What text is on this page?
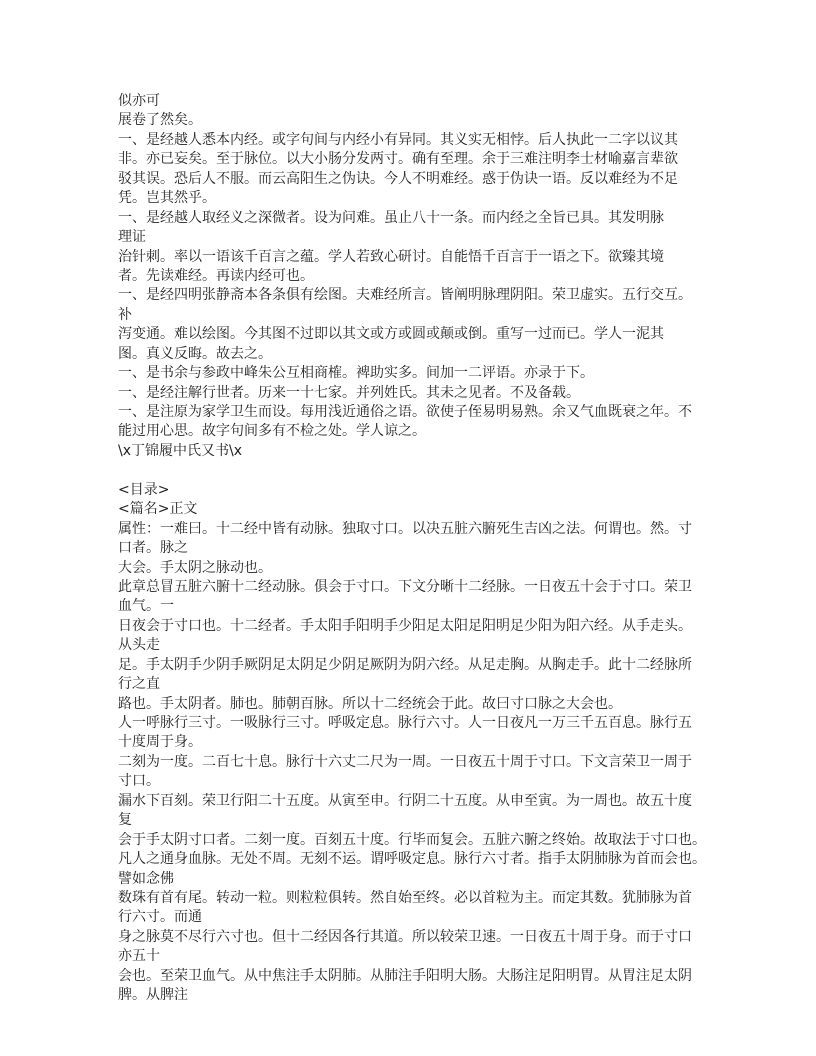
似亦可
展卷了然矣。
一、是经越人悉本内经。或字句间与内经小有异同。其义实无相悖。后人执此一二字以议其
非。亦已妄矣。至于脉位。以大小肠分发两寸。确有至理。余于三难注明李士材喻嘉言辈欲
驳其误。恐后人不服。而云高阳生之伪诀。今人不明难经。惑于伪诀一语。反以难经为不足
凭。岂其然乎。
一、是经越人取经义之深微者。设为问难。虽止八十一条。而内经之全旨已具。其发明脉
理证
治针刺。率以一语该千百言之蕴。学人若致心研讨。自能悟千百言于一语之下。欲臻其境
者。先读难经。再读内经可也。
一、是经四明张静斋本各条俱有绘图。夫难经所言。皆阐明脉理阴阳。荣卫虚实。五行交互。
补
泻变通。难以绘图。今其图不过即以其文或方或圆或颠或倒。重写一过而已。学人一泥其
图。真义反晦。故去之。
一、是书余与参政中峰朱公互相商榷。裨助实多。间加一二评语。亦录于下。
一、是经注解行世者。历来一十七家。并列姓氏。其未之见者。不及备载。
一、是注原为家学卫生而设。每用浅近通俗之语。欲使子侄易明易熟。余又气血既衰之年。不
能过用心思。故字句间多有不检之处。学人谅之。
\x丁锦履中氏又书\x
<目录>
<篇名>正文
属性：一难曰。十二经中皆有动脉。独取寸口。以决五脏六腑死生吉凶之法。何谓也。然。寸
口者。脉之
大会。手太阴之脉动也。
此章总冒五脏六腑十二经动脉。俱会于寸口。下文分晰十二经脉。一日夜五十会于寸口。荣卫
血气。一
日夜会于寸口也。十二经者。手太阳手阳明手少阳足太阳足阳明足少阳为阳六经。从手走头。
从头走
足。手太阴手少阴手厥阴足太阴足少阴足厥阴为阴六经。从足走胸。从胸走手。此十二经脉所
行之直
路也。手太阴者。肺也。肺朝百脉。所以十二经统会于此。故曰寸口脉之大会也。
人一呼脉行三寸。一吸脉行三寸。呼吸定息。脉行六寸。人一日夜凡一万三千五百息。脉行五
十度周于身。
二刻为一度。二百七十息。脉行十六丈二尺为一周。一日夜五十周于寸口。下文言荣卫一周于
寸口。
漏水下百刻。荣卫行阳二十五度。从寅至申。行阴二十五度。从申至寅。为一周也。故五十度
复
会于手太阴寸口者。二刻一度。百刻五十度。行毕而复会。五脏六腑之终始。故取法于寸口也。
凡人之通身血脉。无处不周。无刻不运。谓呼吸定息。脉行六寸者。指手太阴肺脉为首而会也。
譬如念佛
数珠有首有尾。转动一粒。则粒粒俱转。然自始至终。必以首粒为主。而定其数。犹肺脉为首
行六寸。而通
身之脉莫不尽行六寸也。但十二经因各行其道。所以较荣卫速。一日夜五十周于身。而于寸口
亦五十
会也。至荣卫血气。从中焦注手太阴肺。从肺注手阳明大肠。大肠注足阳明胃。从胃注足太阴
脾。从脾注
